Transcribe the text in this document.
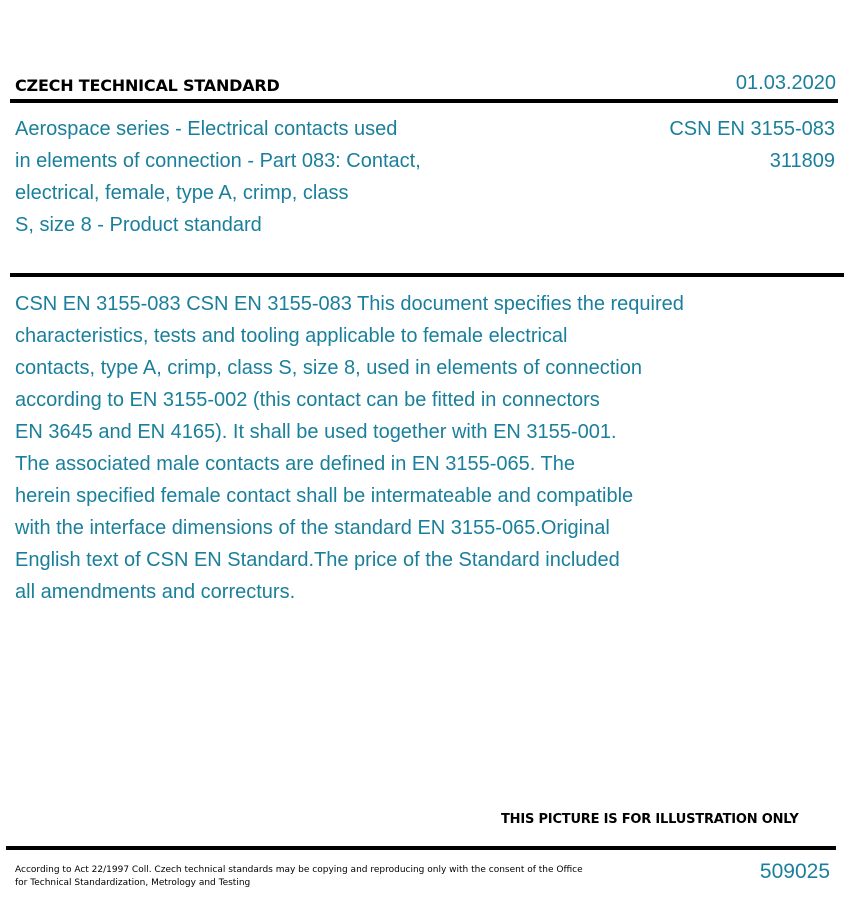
CZECH TECHNICAL STANDARD	01.03.2020
Aerospace series - Electrical contacts used
in elements of connection - Part 083: Contact,
electrical, female, type A, crimp, class
S, size 8 - Product standard
CSN EN 3155-083
311809
CSN EN 3155-083 CSN EN 3155-083 This document specifies the required
characteristics, tests and tooling applicable to female electrical
contacts, type A, crimp, class S, size 8, used in elements of connection
according to EN 3155-002 (this contact can be fitted in connectors
EN 3645 and EN 4165). It shall be used together with EN 3155-001.
The associated male contacts are defined in EN 3155-065. The
herein specified female contact shall be intermateable and compatible
with the interface dimensions of the standard EN 3155-065.Original
English text of CSN EN Standard.The price of the Standard included
all amendments and correcturs.
THIS PICTURE IS FOR ILLUSTRATION ONLY
According to Act 22/1997 Coll. Czech technical standards may be copying and reproducing only with the consent of the Office
for Technical Standardization, Metrology and Testing	509025
